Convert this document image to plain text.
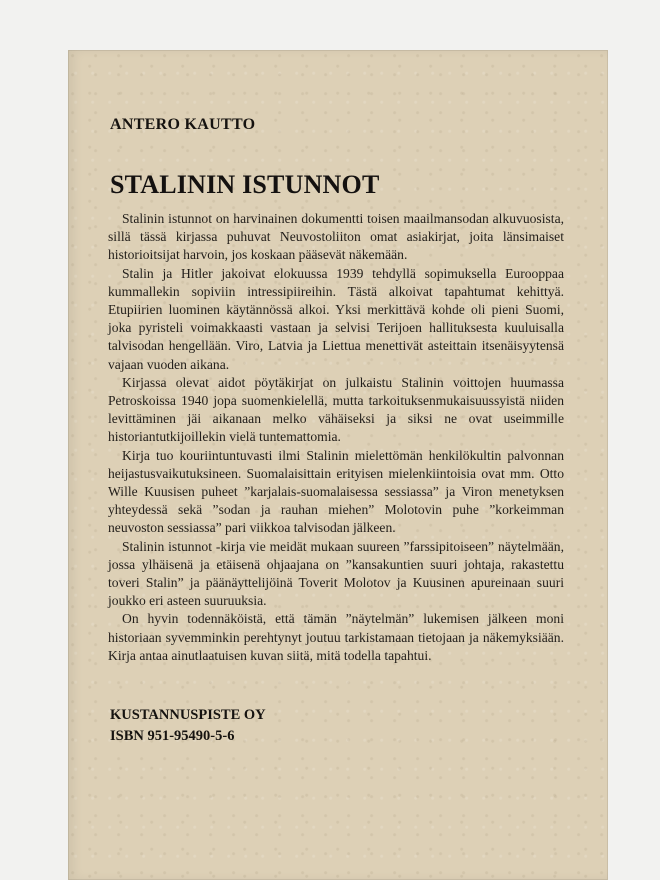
ANTERO KAUTTO
STALININ ISTUNNOT

Stalinin istunnot on harvinainen dokumentti toisen maailmansodan alkuvuosista, sillä tässä kirjassa puhuvat Neuvostoliiton omat asiakirjat, joita länsimaiset historioitsijat harvoin, jos koskaan pääsevät näkemään.

Stalin ja Hitler jakoivat elokuussa 1939 tehdyllä sopimuksella Eurooppaa kummallekin sopiviin intressipiireihin. Tästä alkoivat tapahtumat kehittyä. Etupiirien luominen käytännössä alkoi. Yksi merkittävä kohde oli pieni Suomi, joka pyristeli voimakkaasti vastaan ja selvisi Terijoen hallituksesta kuuluisalla talvisodan hengellään. Viro, Latvia ja Liettua menettivät asteittain itsenäisyytensä vajaan vuoden aikana.

Kirjassa olevat aidot pöytäkirjat on julkaistu Stalinin voittojen huumassa Petroskoissa 1940 jopa suomenkielellä, mutta tarkoituksenmukaisuussyistä niiden levittäminen jäi aikanaan melko vähäiseksi ja siksi ne ovat useimmille historiantutkijoillekin vielä tuntemattomia.

Kirja tuo kouriintuntuvasti ilmi Stalinin mielettömän henkilökultin palvonnan heijastusvaikutuksineen. Suomalaisittain erityisen mielenkiintoisia ovat mm. Otto Wille Kuusisen puheet ”karjalais-suomalaisessa sessiassa” ja Viron menetyksen yhteydessä sekä ”sodan ja rauhan miehen” Molotovin puhe ”korkeimman neuvoston sessiassa” pari viikkoa talvisodan jälkeen.

Stalinin istunnot -kirja vie meidät mukaan suureen ”farssipitoiseen” näytelmään, jossa ylhäisenä ja etäisenä ohjaajana on ”kansakuntien suuri johtaja, rakastettu toveri Stalin” ja päänäyttelijöinä Toverit Molotov ja Kuusinen apureinaan suuri joukko eri asteen suuruuksia.

On hyvin todennäköistä, että tämän ”näytelmän” lukemisen jälkeen moni historiaan syvemminkin perehtynyt joutuu tarkistamaan tietojaan ja näkemyksiään. Kirja antaa ainutlaatuisen kuvan siitä, mitä todella tapahtui.

KUSTANNUSPISTE OY
ISBN 951-95490-5-6
